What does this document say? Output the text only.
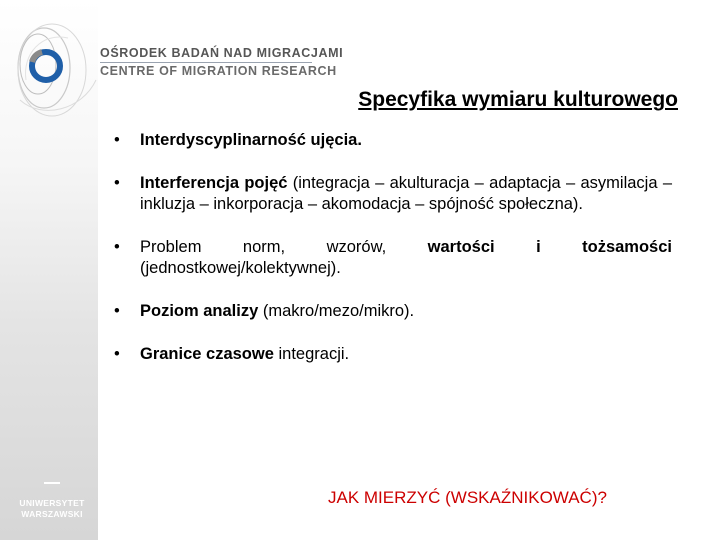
OŚRODEK BADAŃ NAD MIGRACJAMI
CENTRE OF MIGRATION RESEARCH
UNIWERSYTET
WARSZAWSKI
Specyfika wymiaru kulturowego
• Interdyscyplinarność ujęcia.
• Interferencja pojęć (integracja – akulturacja – adaptacja – asymilacja – inkluzja – inkorporacja – akomodacja – spójność społeczna).
• Problem norm, wzorów, wartości i tożsamości (jednostkowej/kolektywnej).
• Poziom analizy (makro/mezo/mikro).
• Granice czasowe integracji.
JAK MIERZYĆ (WSKAŹNIKOWAĆ)?
